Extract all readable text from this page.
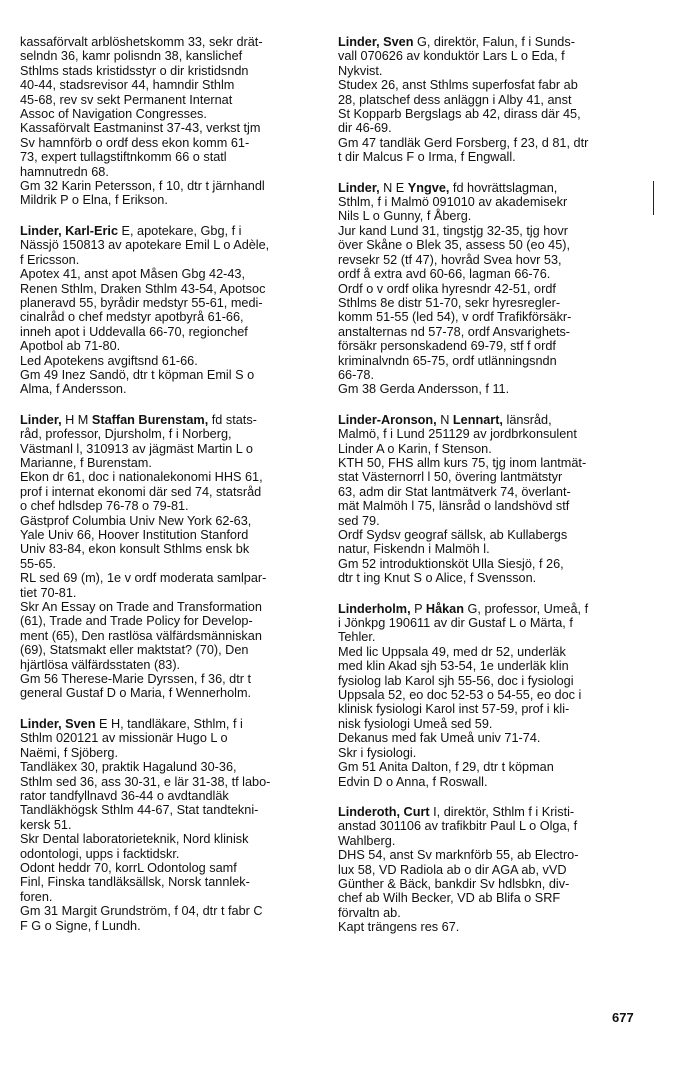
kassaförvalt arblöshetskomm 33, sekr drät-
selndn 36, kamr polisndn 38, kanslichef
Sthlms stads kristidsstyr o dir kristidsndn
40-44, stadsrevisor 44, hamndir Sthlm
45-68, rev sv sekt Permanent Internat
Assoc of Navigation Congresses.
Kassaförvalt Eastmaninst 37-43, verkst tjm
Sv hamnförb o ordf dess ekon komm 61-
73, expert tullagstiftnkomm 66 o statl
hamnutredn 68.
Gm 32 Karin Petersson, f 10, dtr t järnhandl
Mildrik P o Elna, f Erikson.
Linder, Karl-Eric E, apotekare, Gbg, f i
Nässjö 150813 av apotekare Emil L o Adèle,
f Ericsson.
Apotex 41, anst apot Måsen Gbg 42-43,
Renen Sthlm, Draken Sthlm 43-54, Apotsoc
planeravd 55, byrådir medstyr 55-61, medi-
cinalråd o chef medstyr apotbyrå 61-66,
inneh apot i Uddevalla 66-70, regionchef
Apotbol ab 71-80.
Led Apotekens avgiftsnd 61-66.
Gm 49 Inez Sandö, dtr t köpman Emil S o
Alma, f Andersson.
Linder, H M Staffan Burenstam, fd stats-
råd, professor, Djursholm, f i Norberg,
Västmanl l, 310913 av jägmäst Martin L o
Marianne, f Burenstam.
Ekon dr 61, doc i nationalekonomi HHS 61,
prof i internat ekonomi där sed 74, statsråd
o chef hdlsdep 76-78 o 79-81.
Gästprof Columbia Univ New York 62-63,
Yale Univ 66, Hoover Institution Stanford
Univ 83-84, ekon konsult Sthlms ensk bk
55-65.
RL sed 69 (m), 1e v ordf moderata samlpar-
tiet 70-81.
Skr An Essay on Trade and Transformation
(61), Trade and Trade Policy for Develop-
ment (65), Den rastlösa välfärdsmänniskan
(69), Statsmakt eller maktstat? (70), Den
hjärtlösa välfärdsstaten (83).
Gm 56 Therese-Marie Dyrssen, f 36, dtr t
general Gustaf D o Maria, f Wennerholm.
Linder, Sven E H, tandläkare, Sthlm, f i
Sthlm 020121 av missionär Hugo L o
Naëmi, f Sjöberg.
Tandläkex 30, praktik Hagalund 30-36,
Sthlm sed 36, ass 30-31, e lär 31-38, tf labo-
rator tandfyllnavd 36-44 o avdtandläk
Tandläkhögsk Sthlm 44-67, Stat tandtekni-
kersk 51.
Skr Dental laboratorieteknik, Nord klinisk
odontologi, upps i facktidskr.
Odont heddr 70, korrL Odontolog samf
Finl, Finska tandläksällsk, Norsk tannlek-
foren.
Gm 31 Margit Grundström, f 04, dtr t fabr C
F G o Signe, f Lundh.
Linder, Sven G, direktör, Falun, f i Sunds-
vall 070626 av konduktör Lars L o Eda, f
Nykvist.
Studex 26, anst Sthlms superfosfat fabr ab
28, platschef dess anläggn i Alby 41, anst
St Kopparb Bergslags ab 42, dirass där 45,
dir 46-69.
Gm 47 tandläk Gerd Forsberg, f 23, d 81, dtr
t dir Malcus F o Irma, f Engwall.
Linder, N E Yngve, fd hovrättslagman,
Sthlm, f i Malmö 091010 av akademisekr
Nils L o Gunny, f Åberg.
Jur kand Lund 31, tingstjg 32-35, tjg hovr
över Skåne o Blek 35, assess 50 (eo 45),
revsekr 52 (tf 47), hovråd Svea hovr 53,
ordf å extra avd 60-66, lagman 66-76.
Ordf o v ordf olika hyresndr 42-51, ordf
Sthlms 8e distr 51-70, sekr hyresregler-
komm 51-55 (led 54), v ordf Trafikförsäkr-
anstalternas nd 57-78, ordf Ansvarighets-
försäkr personskadend 69-79, stf f ordf
kriminalvndn 65-75, ordf utlänningsndn
66-78.
Gm 38 Gerda Andersson, f 11.
Linder-Aronson, N Lennart, länsråd,
Malmö, f i Lund 251129 av jordbrkonsulent
Linder A o Karin, f Stenson.
KTH 50, FHS allm kurs 75, tjg inom lantmät-
stat Västernorrl l 50, övering lantmätstyr
63, adm dir Stat lantmätverk 74, överlant-
mät Malmöh l 75, länsråd o landshövd stf
sed 79.
Ordf Sydsv geograf sällsk, ab Kullabergs
natur, Fiskendn i Malmöh l.
Gm 52 introduktionsköt Ulla Siesjö, f 26,
dtr t ing Knut S o Alice, f Svensson.
Linderholm, P Håkan G, professor, Umeå, f
i Jönkpg 190611 av dir Gustaf L o Märta, f
Tehler.
Med lic Uppsala 49, med dr 52, underläk
med klin Akad sjh 53-54, 1e underläk klin
fysiolog lab Karol sjh 55-56, doc i fysiologi
Uppsala 52, eo doc 52-53 o 54-55, eo doc i
klinisk fysiologi Karol inst 57-59, prof i kli-
nisk fysiologi Umeå sed 59.
Dekanus med fak Umeå univ 71-74.
Skr i fysiologi.
Gm 51 Anita Dalton, f 29, dtr t köpman
Edvin D o Anna, f Roswall.
Linderoth, Curt I, direktör, Sthlm f i Kristi-
anstad 301106 av trafikbitr Paul L o Olga, f
Wahlberg.
DHS 54, anst Sv marknförb 55, ab Electro-
lux 58, VD Radiola ab o dir AGA ab, vVD
Günther & Bäck, bankdir Sv hdlsbkn, div-
chef ab Wilh Becker, VD ab Blifa o SRF
förvaltn ab.
Kapt trängens res 67.
677
